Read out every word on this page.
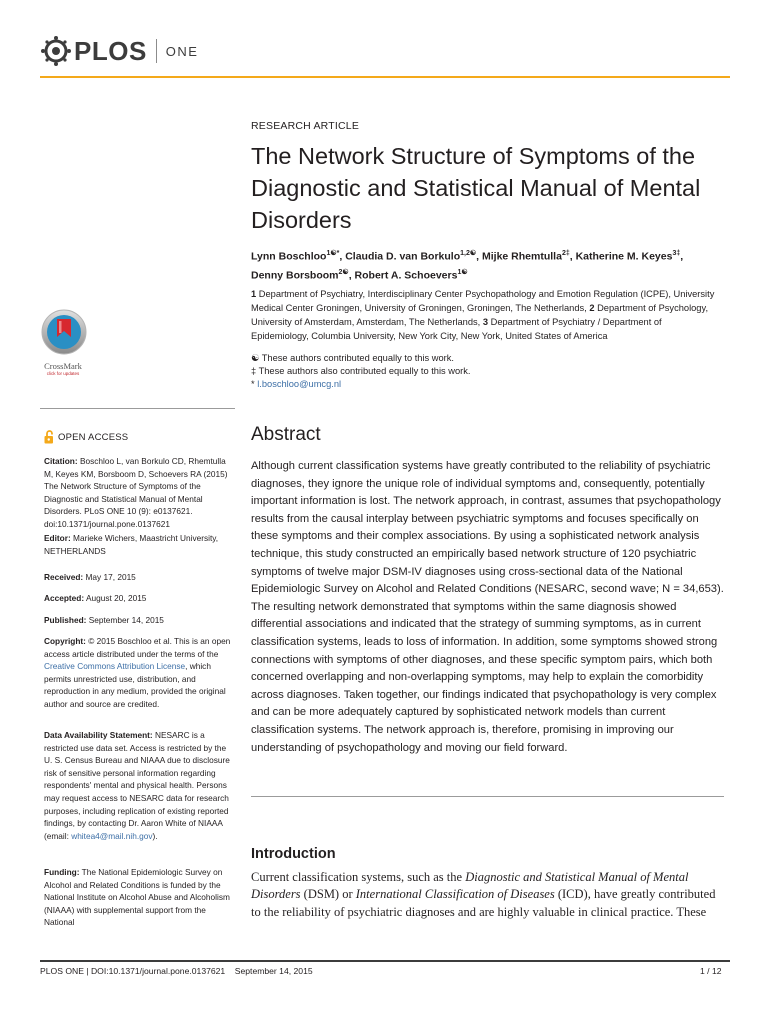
PLOS ONE
RESEARCH ARTICLE
The Network Structure of Symptoms of the Diagnostic and Statistical Manual of Mental Disorders
Lynn Boschloo$^{1☯*}$, Claudia D. van Borkulo$^{1,2☯}$, Mijke Rhemtulla$^{2\ddagger}$, Katherine M. Keyes$^{3\ddagger}$,
Denny Borsboom$^{2☯}$, Robert A. Schoevers$^{1☯}$
1 Department of Psychiatry, Interdisciplinary Center Psychopathology and Emotion Regulation (ICPE), University Medical Center Groningen, University of Groningen, Groningen, The Netherlands, 2 Department of Psychology, University of Amsterdam, Amsterdam, The Netherlands, 3 Department of Psychiatry / Department of Epidemiology, Columbia University, New York City, New York, United States of America
☯ These authors contributed equally to this work.
‡ These authors also contributed equally to this work.
* l.boschloo@umcg.nl
Abstract
Although current classification systems have greatly contributed to the reliability of psychiatric diagnoses, they ignore the unique role of individual symptoms and, consequently, potentially important information is lost. The network approach, in contrast, assumes that psychopathology results from the causal interplay between psychiatric symptoms and focuses specifically on these symptoms and their complex associations. By using a sophisticated network analysis technique, this study constructed an empirically based network structure of 120 psychiatric symptoms of twelve major DSM-IV diagnoses using cross-sectional data of the National Epidemiologic Survey on Alcohol and Related Conditions (NESARC, second wave; N = 34,653). The resulting network demonstrated that symptoms within the same diagnosis showed differential associations and indicated that the strategy of summing symptoms, as in current classification systems, leads to loss of information. In addition, some symptoms showed strong connections with symptoms of other diagnoses, and these specific symptom pairs, which both concerned overlapping and non-overlapping symptoms, may help to explain the comorbidity across diagnoses. Taken together, our findings indicated that psychopathology is very complex and can be more adequately captured by sophisticated network models than current classification systems. The network approach is, therefore, promising in improving our understanding of psychopathology and moving our field forward.
Introduction
Current classification systems, such as the Diagnostic and Statistical Manual of Mental Disorders (DSM) or International Classification of Diseases (ICD), have greatly contributed to the reliability of psychiatric diagnoses and are highly valuable in clinical practice. These
CrossMark
click for updates
OPEN ACCESS
Citation: Boschloo L, van Borkulo CD, Rhemtulla M, Keyes KM, Borsboom D, Schoevers RA (2015) The Network Structure of Symptoms of the Diagnostic and Statistical Manual of Mental Disorders. PLoS ONE 10 (9): e0137621. doi:10.1371/journal.pone.0137621
Editor: Marieke Wichers, Maastricht University, NETHERLANDS
Received: May 17, 2015
Accepted: August 20, 2015
Published: September 14, 2015
Copyright: © 2015 Boschloo et al. This is an open access article distributed under the terms of the Creative Commons Attribution License, which permits unrestricted use, distribution, and reproduction in any medium, provided the original author and source are credited.
Data Availability Statement: NESARC is a restricted use data set. Access is restricted by the U. S. Census Bureau and NIAAA due to disclosure risk of sensitive personal information regarding respondents' mental and physical health. Persons may request access to NESARC data for research purposes, including replication of existing reported findings, by contacting Dr. Aaron White of NIAAA (email: whitea4@mail.nih.gov).
Funding: The National Epidemiologic Survey on Alcohol and Related Conditions is funded by the National Institute on Alcohol Abuse and Alcoholism (NIAAA) with supplemental support from the National
PLOS ONE | DOI:10.1371/journal.pone.0137621    September 14, 2015	1 / 12
